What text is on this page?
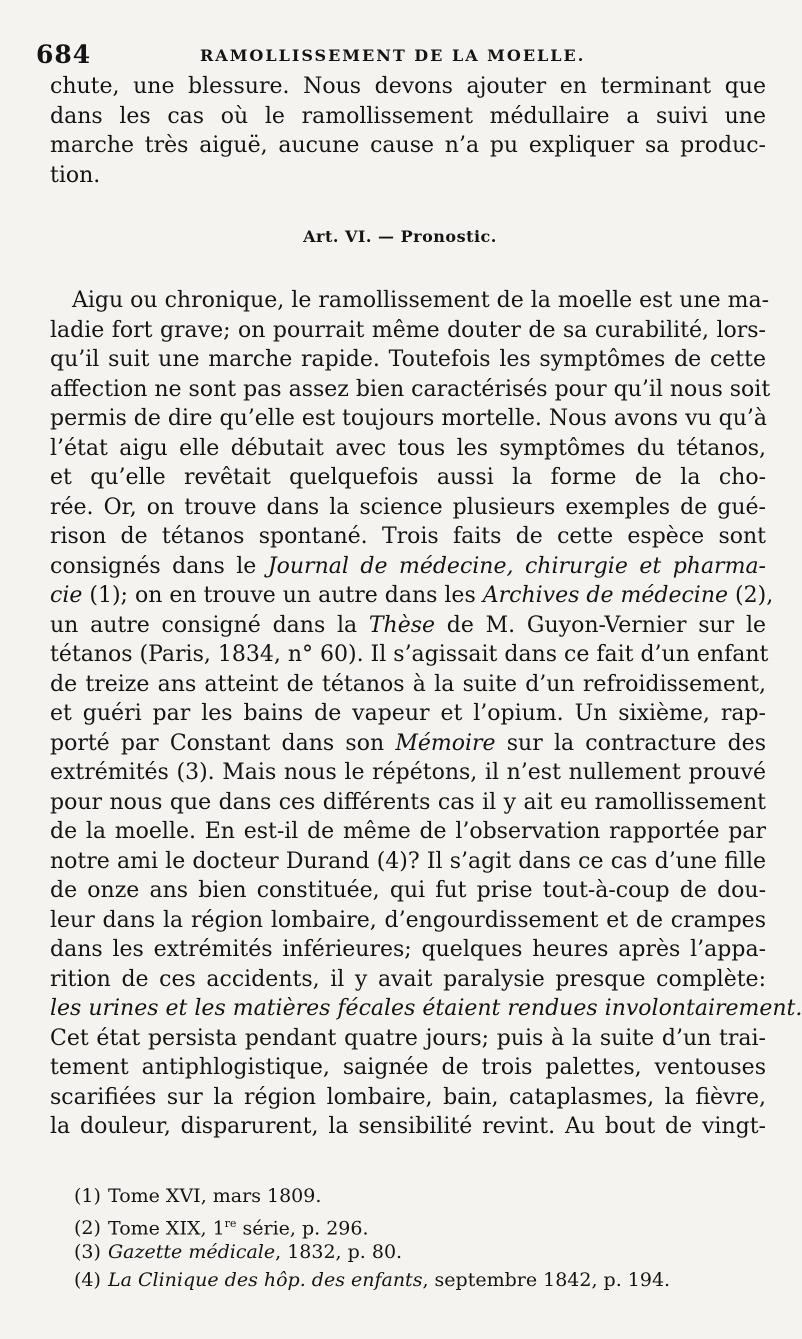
684	RAMOLLISSEMENT DE LA MOELLE.
chute, une blessure. Nous devons ajouter en terminant que
dans les cas où le ramollissement médullaire a suivi une
marche très aiguë, aucune cause n’a pu expliquer sa produc-
tion.
Art. VI. — Pronostic.
Aigu ou chronique, le ramollissement de la moelle est une ma-
ladie fort grave; on pourrait même douter de sa curabilité, lors-
qu’il suit une marche rapide. Toutefois les symptômes de cette
affection ne sont pas assez bien caractérisés pour qu’il nous soit
permis de dire qu’elle est toujours mortelle. Nous avons vu qu’à
l’état aigu elle débutait avec tous les symptômes du tétanos,
et qu’elle revêtait quelquefois aussi la forme de la cho-
rée. Or, on trouve dans la science plusieurs exemples de gué-
rison de tétanos spontané. Trois faits de cette espèce sont
consignés dans le Journal de médecine, chirurgie et pharma-
cie (1); on en trouve un autre dans les Archives de médecine (2),
un autre consigné dans la Thèse de M. Guyon-Vernier sur le
tétanos (Paris, 1834, n° 60). Il s’agissait dans ce fait d’un enfant
de treize ans atteint de tétanos à la suite d’un refroidissement,
et guéri par les bains de vapeur et l’opium. Un sixième, rap-
porté par Constant dans son Mémoire sur la contracture des
extrémités (3). Mais nous le répétons, il n’est nullement prouvé
pour nous que dans ces différents cas il y ait eu ramollissement
de la moelle. En est-il de même de l’observation rapportée par
notre ami le docteur Durand (4)? Il s’agit dans ce cas d’une fille
de onze ans bien constituée, qui fut prise tout-à-coup de dou-
leur dans la région lombaire, d’engourdissement et de crampes
dans les extrémités inférieures; quelques heures après l’appa-
rition de ces accidents, il y avait paralysie presque complète:
les urines et les matières fécales étaient rendues involontairement.
Cet état persista pendant quatre jours; puis à la suite d’un trai-
tement antiphlogistique, saignée de trois palettes, ventouses
scarifiées sur la région lombaire, bain, cataplasmes, la fièvre,
la douleur, disparurent, la sensibilité revint. Au bout de vingt-
(1) Tome XVI, mars 1809.
(2) Tome XIX, 1re série, p. 296.
(3) Gazette médicale, 1832, p. 80.
(4) La Clinique des hôp. des enfants, septembre 1842, p. 194.
